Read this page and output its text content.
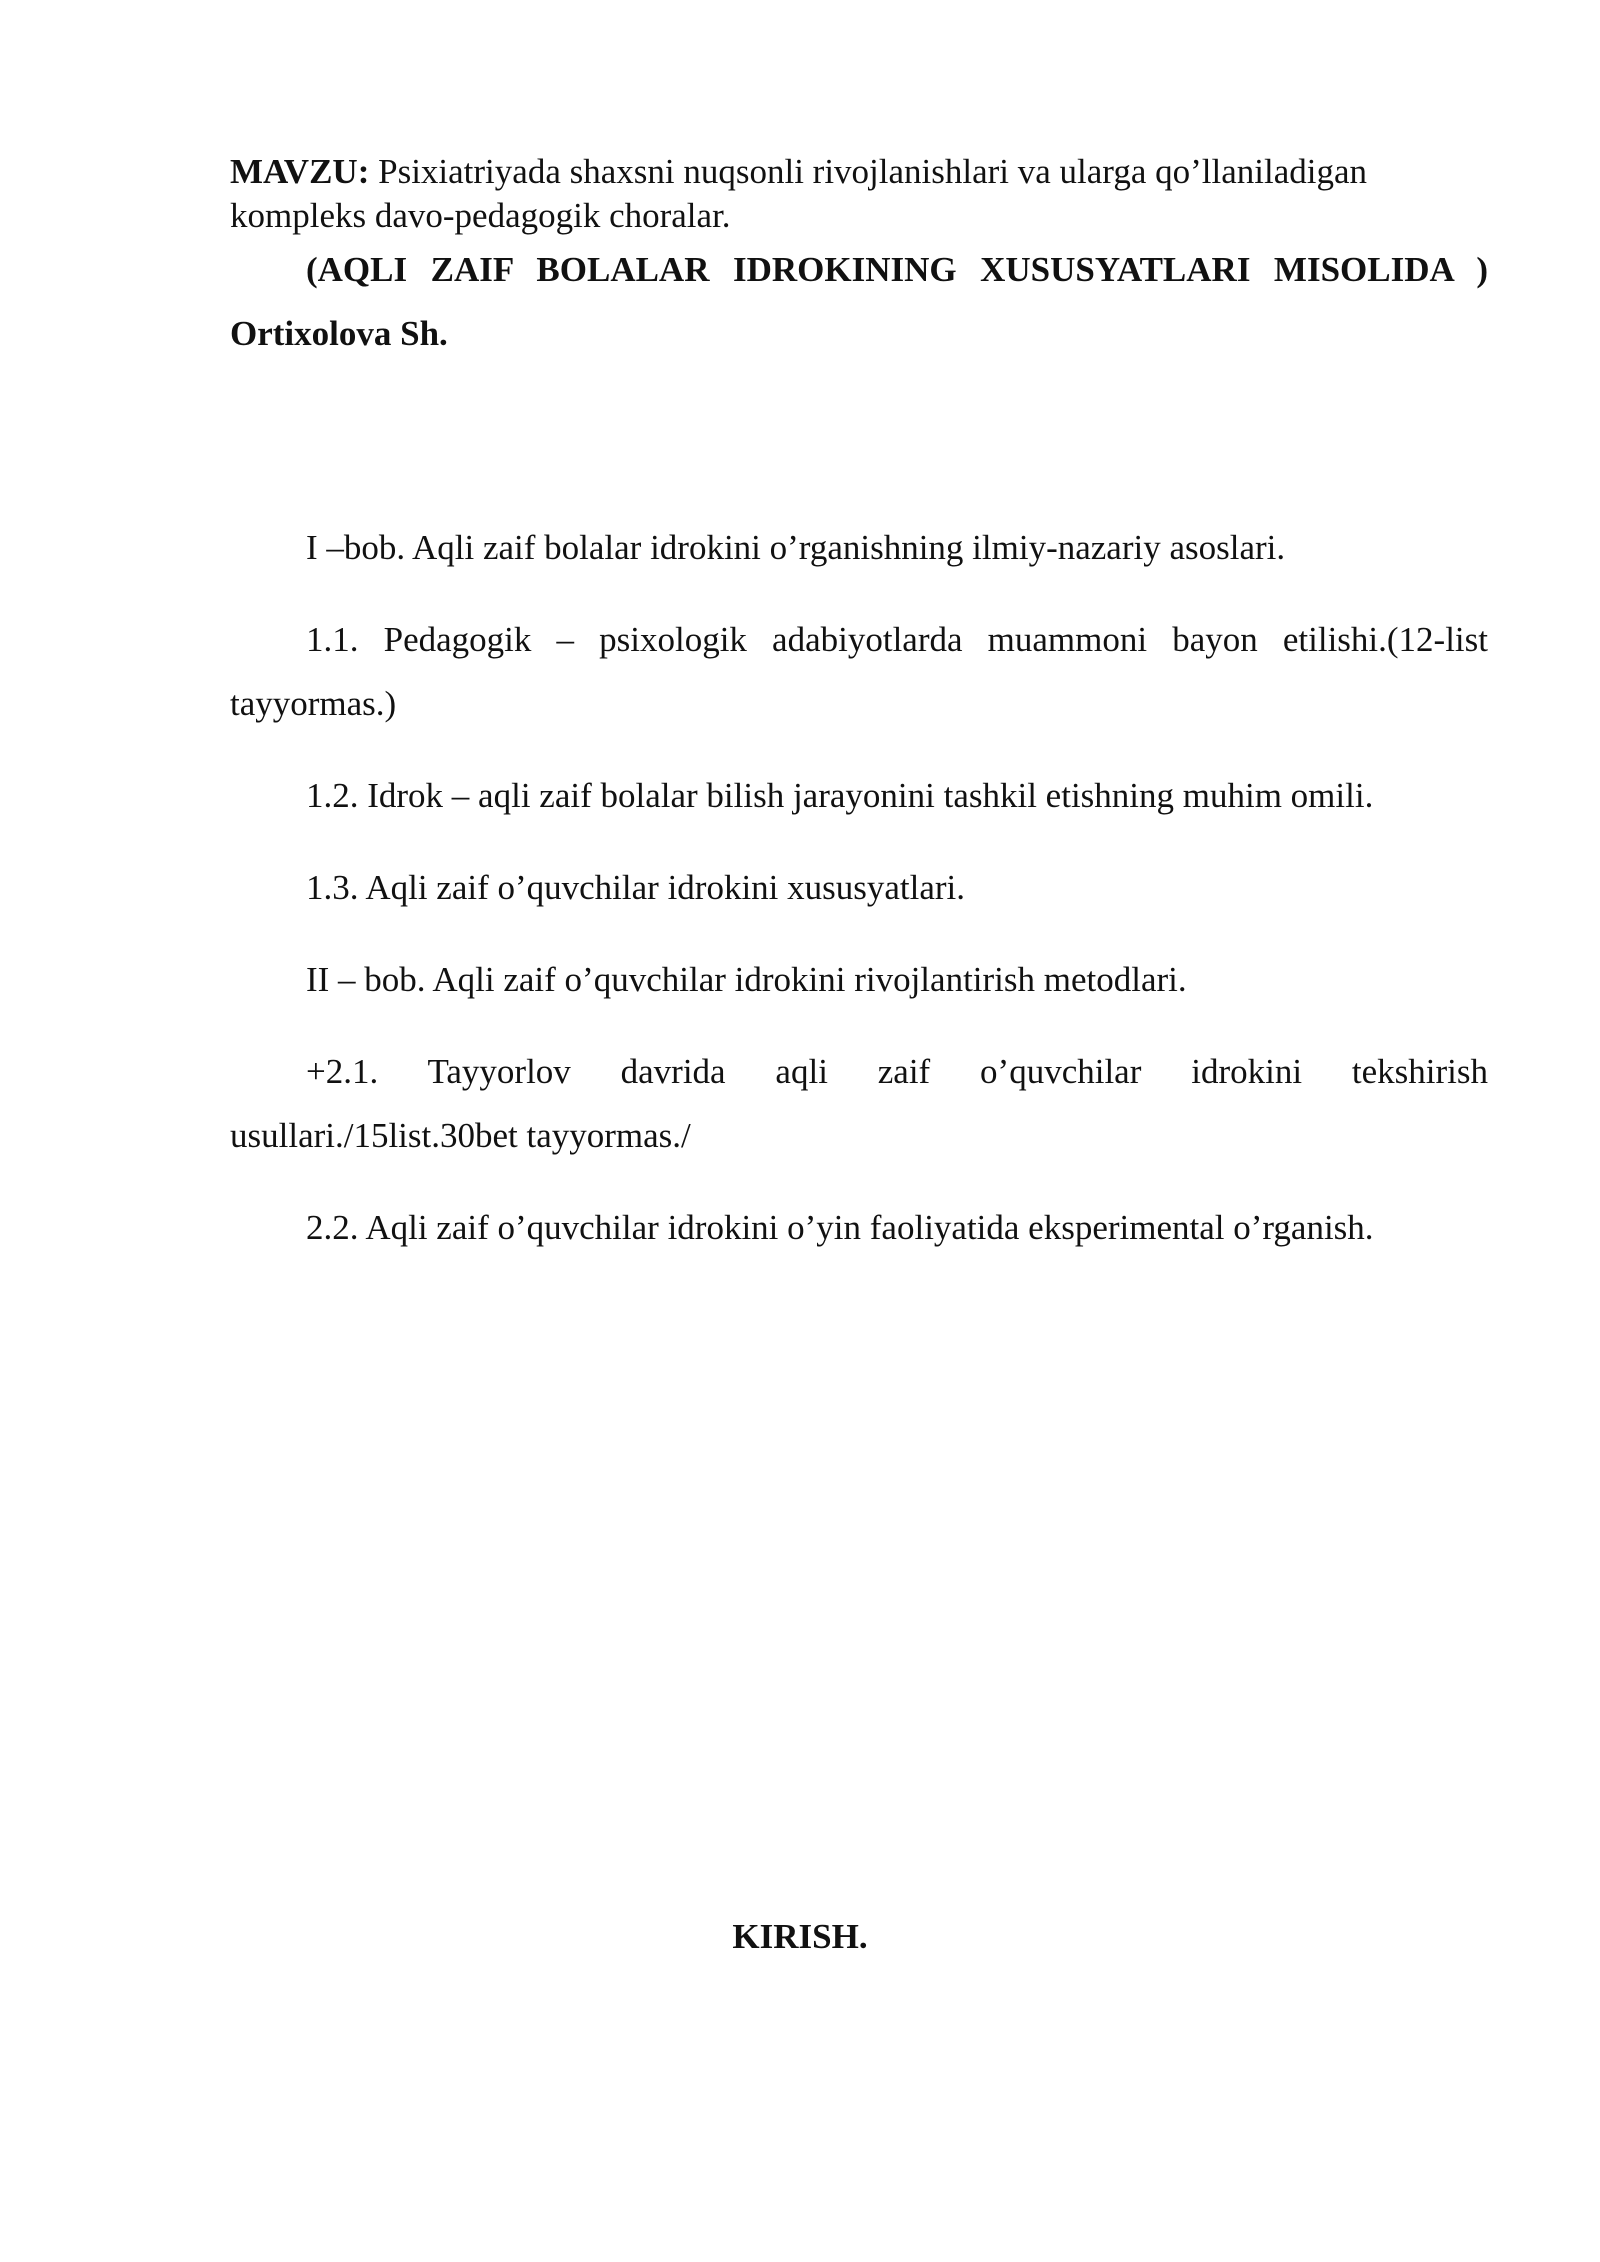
MAVZU: Psixiatriyada shaxsni nuqsonli rivojlanishlari va ularga qo’llaniladigan kompleks davo-pedagogik choralar.

(AQLI ZAIF BOLALAR IDROKINING XUSUSYATLARI MISOLIDA ) Ortixolova Sh.

I –bob. Aqli zaif bolalar idrokini o’rganishning ilmiy-nazariy asoslari.

1.1. Pedagogik – psixologik adabiyotlarda muammoni bayon etilishi.(12-list tayyormas.)

1.2. Idrok – aqli zaif bolalar bilish jarayonini tashkil etishning muhim omili.

1.3. Aqli zaif o’quvchilar idrokini xususyatlari.

II – bob. Aqli zaif o’quvchilar idrokini rivojlantirish metodlari.

+2.1. Tayyorlov davrida aqli zaif o’quvchilar idrokini tekshirish usullari./15list.30bet tayyormas./

2.2. Aqli zaif o’quvchilar idrokini o’yin faoliyatida eksperimental o’rganish.

KIRISH.
